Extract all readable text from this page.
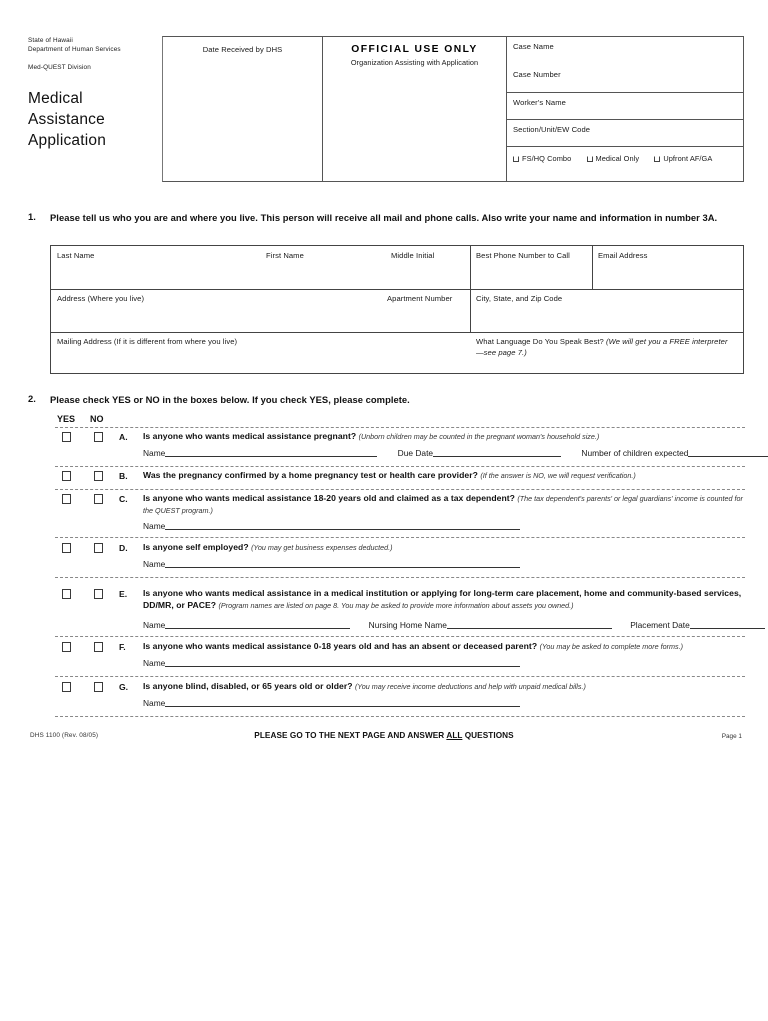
State of Hawaii
Department of Human Services
Med-QUEST Division
Medical
Assistance
Application
Date Received by DHS	OFFICIAL USE ONLY
Organization Assisting with Application
Case Name
Case Number
Worker's Name
Section/Unit/EW Code
FS/HQ Combo	Medical Only	Upfront AF/GA
1. Please tell us who you are and where you live. This person will receive all mail and phone calls. Also write your name and information in number 3A.
Last Name	First Name	Middle Initial	Best Phone Number to Call	Email Address
Address (Where you live)	Apartment Number	City, State, and Zip Code
Mailing Address (If it is different from where you live)	What Language Do You Speak Best? (We will get you a FREE interpreter—see page 7.)
2. Please check YES or NO in the boxes below. If you check YES, please complete.
YES NO
A. Is anyone who wants medical assistance pregnant? (Unborn children may be counted in the pregnant woman's household size.)
Name	Due Date	Number of children expected
B. Was the pregnancy confirmed by a home pregnancy test or health care provider? (If the answer is NO, we will request verification.)
C. Is anyone who wants medical assistance 18-20 years old and claimed as a tax dependent? (The tax dependent's parents' or legal guardians' income is counted for the QUEST program.)
Name
D. Is anyone self employed? (You may get business expenses deducted.)
Name
E. Is anyone who wants medical assistance in a medical institution or applying for long-term care placement, home and community-based services, DD/MR, or PACE? (Program names are listed on page 8. You may be asked to provide more information about assets you owned.)
Name	Nursing Home Name	Placement Date
F. Is anyone who wants medical assistance 0-18 years old and has an absent or deceased parent? (You may be asked to complete more forms.)
Name
G. Is anyone blind, disabled, or 65 years old or older? (You may receive income deductions and help with unpaid medical bills.)
Name
DHS 1100 (Rev. 08/05)	PLEASE GO TO THE NEXT PAGE AND ANSWER ALL QUESTIONS	Page 1
